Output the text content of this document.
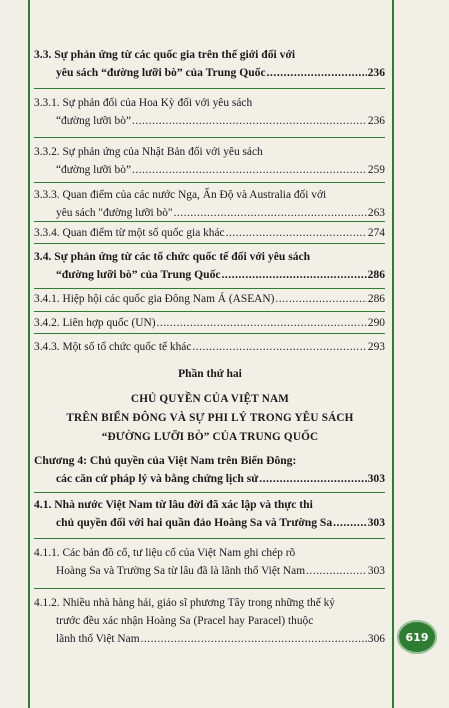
3.3. Sự phản ứng từ các quốc gia trên thế giới đối với
yêu sách “đường lưỡi bò” của Trung Quốc .....	236
3.3.1. Sự phản đối của Hoa Kỳ đối với yêu sách
“đường lưỡi bò” .....	236
3.3.2. Sự phản ứng của Nhật Bản đối với yêu sách
“đường lưỡi bò” .....	259
3.3.3. Quan điểm của các nước Nga, Ấn Độ và Australia đối với
yêu sách "đường lưỡi bò" .....	263
3.3.4. Quan điểm từ một số quốc gia khác .....	274
3.4. Sự phản ứng từ các tổ chức quốc tế đối với yêu sách
“đường lưỡi bò” của Trung Quốc .....	286
3.4.1. Hiệp hội các quốc gia Đông Nam Á (ASEAN) .....	286
3.4.2. Liên hợp quốc (UN) .....	290
3.4.3. Một số tổ chức quốc tế khác .....	293
Phần thứ hai
CHỦ QUYỀN CỦA VIỆT NAM
TRÊN BIỂN ĐÔNG VÀ SỰ PHI LÝ TRONG YÊU SÁCH
“ĐƯỜNG LƯỠI BÒ” CỦA TRUNG QUỐC
Chương 4: Chủ quyền của Việt Nam trên Biển Đông:
các căn cứ pháp lý và bằng chứng lịch sử .....	303
4.1. Nhà nước Việt Nam từ lâu đời đã xác lập và thực thi
chủ quyền đối với hai quần đảo Hoàng Sa và Trường Sa .....	303
4.1.1. Các bản đồ cổ, tư liệu cổ của Việt Nam ghi chép rõ
Hoàng Sa và Trường Sa từ lâu đã là lãnh thổ Việt Nam .....	303
4.1.2. Nhiều nhà hàng hải, giáo sĩ phương Tây trong những thế kỷ
trước đều xác nhận Hoàng Sa (Pracel hay Paracel) thuộc
lãnh thổ Việt Nam .....	306 619
